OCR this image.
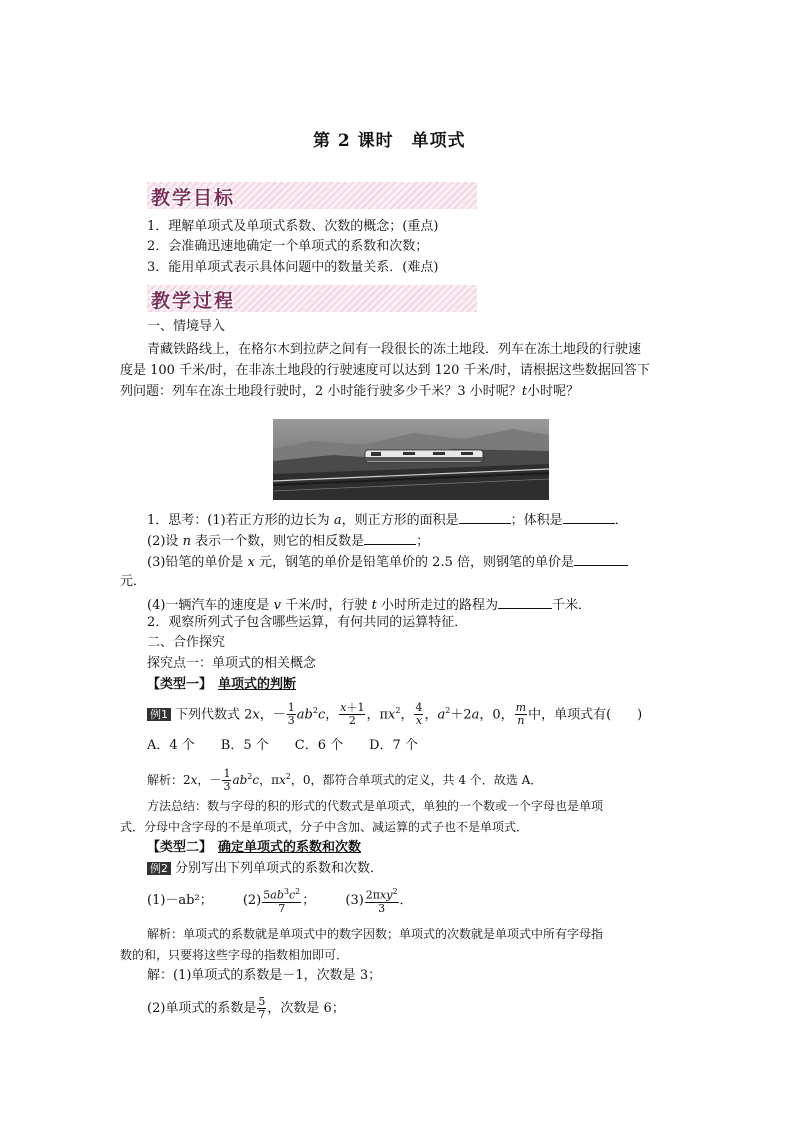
第 2 课时　单项式
教学目标
1．理解单项式及单项式系数、次数的概念；(重点)
2．会准确迅速地确定一个单项式的系数和次数；
3．能用单项式表示具体问题中的数量关系．(难点)
教学过程
一、情境导入
青藏铁路线上，在格尔木到拉萨之间有一段很长的冻土地段．列车在冻土地段的行驶速
度是 100 千米/时，在非冻土地段的行驶速度可以达到 120 千米/时，请根据这些数据回答下
列问题：列车在冻土地段行驶时，2 小时能行驶多少千米？3 小时呢？t小时呢？
1．思考：(1)若正方形的边长为 a，则正方形的面积是	；体积是	．
(2)设 n 表示一个数，则它的相反数是	；
(3)铅笔的单价是 x 元，钢笔的单价是铅笔单价的 2.5 倍，则钢笔的单价是
元．
(4)一辆汽车的速度是 v 千米/时，行驶 t 小时所走过的路程为	千米．
2．观察所列式子包含哪些运算，有何共同的运算特征．
二、合作探究
探究点一：单项式的相关概念
【类型一】 单项式的判断
例1 下列代数式 2x，－ $\frac{1}{3} ab^2c$， $\frac{x+1}{2}$ ，$\pi x^2$， $\frac{4}{x}$ ，$a^2+2a$，0， $\frac{m}{n}$ 中，单项式有(　　)
A．4 个　　B．5 个　　C．6 个　　D．7 个
解析：2x，－ $\frac{1}{3} ab^2c$，$\pi x^2$，0，都符合单项式的定义，共 4 个．故选 A．
方法总结：数与字母的积的形式的代数式是单项式，单独的一个数或一个字母也是单项
式．分母中含字母的不是单项式，分子中含加、减运算的式子也不是单项式．
【类型二】 确定单项式的系数和次数
例2 分别写出下列单项式的系数和次数．
(1)－ab²； $(2) \frac{5ab^3c^2}{7}$ ； $(3) \frac{2\pi xy^2}{3}$ ．
解析：单项式的系数就是单项式中的数字因数；单项式的次数就是单项式中所有字母指
数的和，只要将这些字母的指数相加即可．
解：(1)单项式的系数是－1，次数是 3；
(2)单项式的系数是 $\frac{5}{7}$ ，次数是 6；
